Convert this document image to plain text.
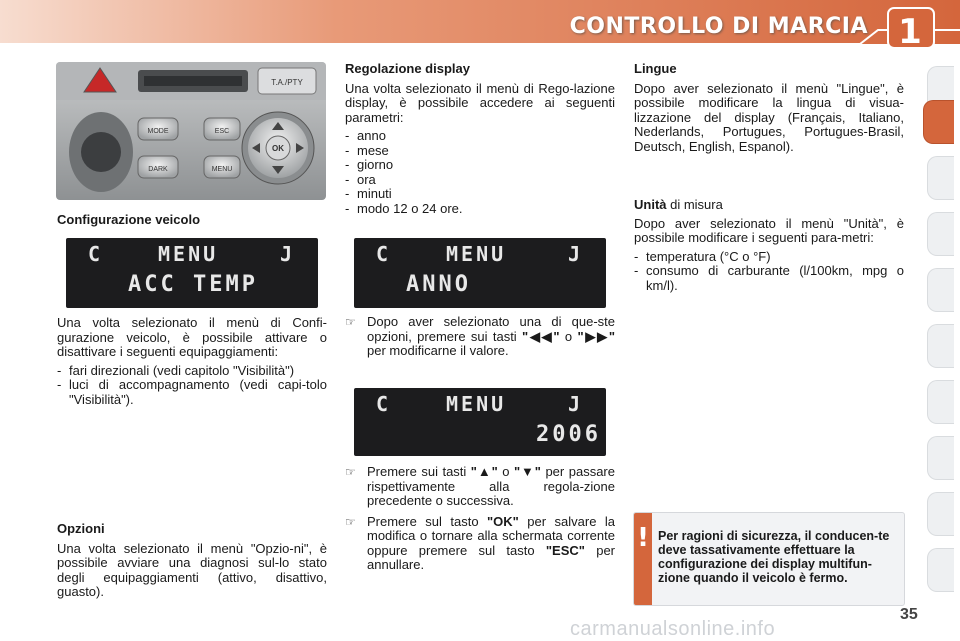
CONTROLLO DI MARCIA 1
T.A./PTY
MODE
DARK
ESC
MENU
OK

Configurazione veicolo

C	MENU	J
ACC TEMP

Una volta selezionato il menù di Confi-gurazione veicolo, è possibile attivare o disattivare i seguenti equipaggiamenti:

- fari direzionali (vedi capitolo "Visibilità")
- luci di accompagnamento (vedi capi-tolo "Visibilità").

Opzioni

Una volta selezionato il menù "Opzio-ni", è possibile avviare una diagnosi sul-lo stato degli equipaggiamenti (attivo, disattivo, guasto).

Regolazione display

Una volta selezionato il menù di Rego-lazione display, è possibile accedere ai seguenti parametri:

- anno
- mese
- giorno
- ora
- minuti
- modo 12 o 24 ore.
C	MENU	J
ANNO
☞ Dopo aver selezionato una di que-ste opzioni, premere sui tasti "◀◀" o "▶▶" per modificarne il valore.
C	MENU	J
2006
☞ Premere sui tasti "▲" o "▼" per passare rispettivamente alla regola-zione precedente o successiva.
☞ Premere sul tasto "OK" per salvare la modifica o tornare alla schermata corrente oppure premere sul tasto "ESC" per annullare.

Lingue

Dopo aver selezionato il menù "Lingue", è possibile modificare la lingua di visua-lizzazione del display (Français, Italiano, Nederlands, Portugues, Portugues-Brasil, Deutsch, English, Espanol).

Unità di misura

Dopo aver selezionato il menù "Unità", è possibile modificare i seguenti para-metri:

- temperatura (°C o °F)
- consumo di carburante (l/100km, mpg o km/l).
! Per ragioni di sicurezza, il conducen-te deve tassativamente effettuare la configurazione dei display multifun-zione quando il veicolo è fermo.
35
carmanualsonline.info
